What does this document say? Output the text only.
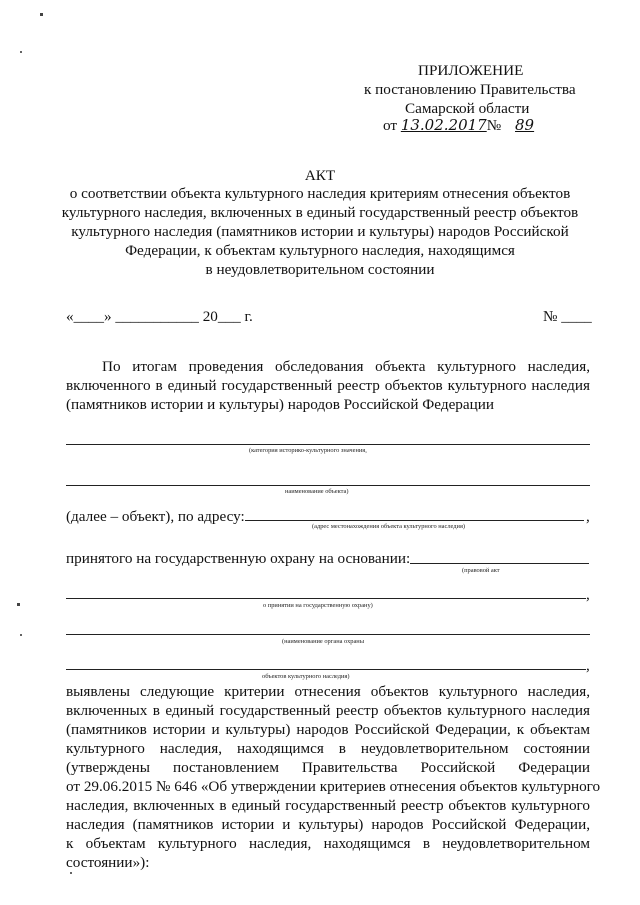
ПРИЛОЖЕНИЕ
к постановлению Правительства
Самарской области
от 13.02.2017№ 89
АКТ
о соответствии объекта культурного наследия критериям отнесения объектов
культурного наследия, включенных в единый государственный реестр объектов
культурного наследия (памятников истории и культуры) народов Российской
Федерации, к объектам культурного наследия, находящимся
в неудовлетворительном состоянии
«____» ___________ 20___ г.	№ ____
По итогам проведения обследования объекта культурного наследия,
включенного в единый государственный реестр объектов культурного наследия (памятников истории и культуры) народов Российской Федерации
(категория историко-культурного значения,
наименование объекта)
(далее – объект), по адресу:	,
(адрес местонахождения объекта культурного наследия)
принятого на государственную охрану на основании:
(правовой акт
,
о принятии на государственную охрану)
(наименование органа охраны
,
объектов культурного наследия)
выявлены следующие критерии отнесения объектов культурного наследия,
включенных в единый государственный реестр объектов культурного наследия
(памятников истории и культуры) народов Российской Федерации, к объектам
культурного наследия, находящимся в неудовлетворительном состоянии
(утверждены постановлением Правительства Российской Федерации
от 29.06.2015 № 646 «Об утверждении критериев отнесения объектов культурного
наследия, включенных в единый государственный реестр объектов культурного
наследия (памятников истории и культуры) народов Российской Федерации,
к объектам культурного наследия, находящимся в неудовлетворительном
состоянии»):
